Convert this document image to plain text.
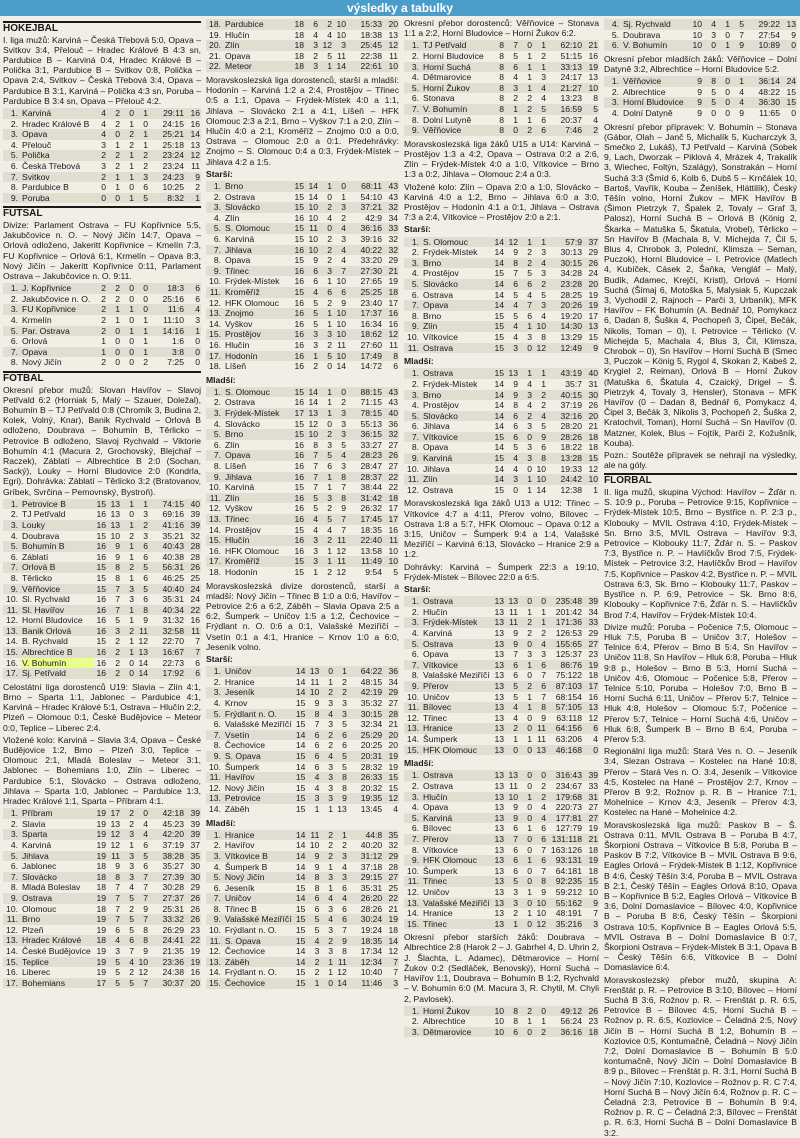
výsledky a tabulky
HOKEJBAL
I. liga mužů: Karviná – Česká Třebová 5:0, Opava – Svitkov 3:4, Přelouč – Hradec Králové B 4:3 sn, Pardubice B – Karviná 0:4, Hradec Králové B – Polička 3:1, Pardubice B – Svitkov 0:8, Polička – Opava 2:4, Svitkov – Česká Třebová 3:4, Opava – Pardubice B 3:1, Karviná – Polička 4:3 sn, Poruba – Pardubice B 3:4 sn, Opava – Přelouč 4:2.
1.	Karviná	4	2	0	1	29:11	16
2.	Hradec Králové B	4	2	1	0	24:15	16
3.	Opava	4	0	2	1	25:21	14
4.	Přelouč	3	1	2	1	25:18	13
5.	Polička	2	2	1	2	23:24	12
6.	Česká Třebová	3	2	1	2	23:24	11
7.	Svitkov	2	1	1	3	24:23	9
8.	Pardubice B	0	1	0	6	10:25	2
9.	Poruba	0	0	1	5	8:32	1
FUTSAL
Divize: Parlament Ostrava – FU Kopřivnice 5:5, Jakubčovice n. O. – Nový Jičín 14:7, Opava – Orlová odloženo, Jakeritt Kopřivnice – Kmelín 7:3, FU Kopřivnice – Orlová 6:1, Krmelín – Opava 8:3, Nový Jičín – Jakeritt Kopřivnice 0:11, Parlament Ostrava – Jakubčovice n. O. 9:11.
1.	J. Kopřivnice	2	2	0	0	18:3	6
2.	Jakubčovice n. O.	2	2	0	0	25:16	6
3.	FU Kopřivnice	2	1	1	0	11:6	4
4.	Krmelín	2	1	0	1	11:10	3
5.	Par. Ostrava	2	0	1	1	14:16	1
6.	Orlová	1	0	0	1	1:6	0
7.	Opava	1	0	0	1	3:8	0
8.	Nový Jičín	2	0	0	2	7:25	0
FOTBAL
Okresní přebor mužů: Slovan Havířov – Slavoj Petřvald 6:2 (Horniak 5, Malý – Szauer, Doležal), Bohumín B – TJ Petřvald 0:8 (Chromík 3, Budina 2, Kolek, Volný, Knar), Banik Rychvald – Orlová B odloženo, Doubrava – Bohumín B, Těrlicko – Petrovice B odloženo, Slavoj Rychvald – Viktorie Bohumín 4:1 (Macura 2, Grochovský, Blejchař – Raczek), Záblatí – Albrechtice B 2:0 (Sochan, Sacký), Louky – Horní Bludovice 2:0 (Kondrla, Egri). Dohrávka: Záblatí – Těrlicko 3:2 (Bratovanov, Gríbek, Svrčina – Pemovnský, Bystroň).
1.	Petrovice B	15	13	1	1	74:15	40
2.	TJ Petřvald	16	13	0	3	69:16	39
3.	Louky	16	13	1	2	41:16	39
4.	Doubrava	15	10	2	3	35:21	32
5.	Bohumín B	16	9	1	6	40:43	28
6.	Záblatí	16	9	1	6	40:38	28
7.	Orlová B	15	8	2	5	56:31	26
8.	Těrlicko	15	8	1	6	46:25	25
9.	Věřňovice	15	7	3	5	40:40	24
10.	Sl. Rychvald	16	7	3	6	35:31	24
11.	Sl. Havířov	16	7	1	8	40:34	22
12.	Horní Bludovice	16	5	1	9	31:32	16
13.	Banik Orlová	16	3	2	11	32:58	11
14.	B. Rychvald	15	2	1	12	22:70	7
15.	Albrechtice B	16	2	1	13	16:67	7
16.	V. Bohumín	16	2	0	14	22:73	6
17.	Sj. Petřvald	16	2	0	14	17:92	6
Celostátní liga dorostenců U19: Slavia – Zlín 4:1, Brno – Sparta 1:1, Jablonec – Pardubice 4:1, Karviná – Hradec Králové 5:1, Ostrava – Hlučín 2:2, Plzeň – Olomouc 0:1, České Budějovice – Meteor 0:0, Teplice – Liberec 2:4.
Vložené kolo: Karviná – Slavia 3:4, Opava – České Budějovice 1:2, Brno – Plzeň 3:0, Teplice – Olomouc 2:1, Mladá Boleslav – Meteor 3:1, Jablonec – Bohemians 1:0, Zlín – Liberec – Pardubice 5:1, Slovácko – Ostrava odloženo, Jihlava – Sparta 1:0, Jablonec – Pardubice 1:3, Hradec Králové 1:1, Sparta – Příbram 4:1.
1.	Příbram	19	17	2	0	42:18	39
2.	Slavia	19	13	2	4	45:23	39
3.	Sparta	19	12	3	4	42:20	39
4.	Karviná	19	12	1	6	37:19	37
5.	Jihlava	19	11	3	5	38:28	35
6.	Jablonec	18	9	3	6	35:27	30
7.	Slovácko	18	8	3	7	27:39	30
8.	Mladá Boleslav	18	7	4	7	30:28	29
9.	Ostrava	19	7	5	7	27:37	26
10.	Olomouc	18	7	2	9	25:31	26
11.	Brno	19	7	5	7	33:32	26
12.	Plzeň	19	6	5	8	26:29	23
13.	Hradec Králové	18	4	6	8	24:41	22
14.	České Budějovice	19	3	7	9	21:35	19
15.	Teplice	19	5	4	10	23:36	19
16.	Liberec	19	5	2	12	24:38	16
17.	Bohemians	17	5	5	7	30:37	20
18.	Pardubice	18	6	2	10	15:33	20
19.	Hlučín	18	4	4	10	18:38	13
20.	Zlín	18	3	12	3	25:45	12
21.	Opava	18	2	5	11	22:38	11
22.	Meteor	18	3	1	14	22:61	10
Moravskoslezská liga dorostenců, starší a mladší: Hodonín – Karviná 1:2 a 2:4, Prostějov – Třinec 0:5 a 1:1, Opava – Frýdek-Místek 4:0 a 1:1, Jihlava – Slovácko 2:1 a 4:1, Líšeň – HFK Olomouc 2:3 a 2:1, Brno – Vyškov 7:1 a 2:0, Zlín – Hlučín 4:0 a 2:1, Kroměříž – Znojmo 0:0 a 0:0, Ostrava – Olomouc 2:0 a 0:1. Předehrávky: Znojmo – S. Olomouc 0:4 a 0:3, Frýdek-Místek – Jihlava 4:2 a 1:5.
Starší:
1.	Brno	15	14	1	0	68:11	43
2.	Ostrava	15	14	0	1	54:10	43
3.	Slovácko	15	10	2	3	37:21	32
4.	Zlín	16	10	4	2	42:9	34
5.	S. Olomouc	15	11	0	4	36:16	33
6.	Karviná	15	10	2	3	39:16	32
7.	Jihlava	16	10	2	4	40:22	32
8.	Opava	15	9	2	4	33:20	29
9.	Třinec	16	6	3	7	27:30	21
10.	Frýdek-Místek	16	6	1	10	27:65	19
11.	Kroměříž	15	4	6	6	25:25	18
12.	HFK Olomouc	16	5	2	9	23:40	17
13.	Znojmo	16	5	1	10	17:37	16
14.	Vyškov	16	5	1	10	16:34	16
15.	Prostějov	16	3	3	10	18:62	12
16.	Hlučín	16	3	2	11	27:60	11
17.	Hodonín	16	1	5	10	17:49	8
18.	Líšeň	16	2	0	14	14:72	6
Mladší:
1.	S. Olomouc	15	14	1	0	88:15	43
2.	Ostrava	16	14	1	2	71:15	43
3.	Frýdek-Místek	17	13	1	3	78:15	40
4.	Slovácko	15	12	0	3	55:13	36
5.	Brno	15	10	2	3	36:15	32
6.	Zlín	16	8	3	5	33:27	27
7.	Opava	16	7	5	4	28:23	26
8.	Líšeň	16	7	6	3	28:47	27
9.	Jihlava	16	7	1	8	28:37	22
10.	Karviná	15	7	1	7	38:44	22
11.	Zlín	16	5	3	8	31:42	18
12.	Vyškov	16	5	2	9	26:32	17
13.	Třinec	16	4	5	7	17:45	17
14.	Prostějov	15	4	4	7	18:35	16
15.	Hlučín	16	3	2	11	22:40	11
16.	HFK Olomouc	16	3	1	12	13:58	10
17.	Kroměříž	15	3	1	11	11:49	10
18.	Hodonín	15	1	2	12	9:54	5
Moravskoslezská divize dorostenců, starší a mladší: Nový Jičín – Třinec B 1:0 a 0:6, Havířov – Petrovice 2:6 a 6:2, Záběh – Slavia Opava 2:5 a 6:2, Šumperk – Uničov 1:5 a 1:2, Čechovice – Frýdlant n. O. 0:6 a 0:1, Valašské Meziříčí – Vsetín 0:1 a 4:1, Hranice – Krnov 1:0 a 6:0, Jeseník volno.
Starší:
1.	Uničov	14	13	0	1	64:22	36
2.	Hranice	14	11	1	2	48:15	34
3.	Jeseník	14	10	2	2	42:19	29
4.	Krnov	15	9	3	3	35:32	27
5.	Frýdlant n. O.	15	8	4	3	30:15	28
6.	Valašské Meziříčí	15	7	3	5	32:34	21
7.	Vsetín	14	6	2	6	25:29	20
8.	Čechovice	14	6	2	6	20:25	20
9.	S. Opava	15	6	4	5	20:31	19
10.	Šumperk	14	6	3	5	28:32	19
11.	Havířov	15	4	3	8	26:33	15
12.	Nový Jičín	15	4	3	8	20:32	15
13.	Petrovice	15	3	3	9	19:35	12
14.	Záběh	15	1	1	13	13:45	4
Mladší:
1.	Hranice	14	11	2	1	44:8	35
2.	Havířov	14	10	2	2	40:20	32
3.	Vítkovice B	14	9	2	3	31:12	29
4.	Šumperk B	14	9	1	4	37:18	28
5.	Nový Jičín	14	8	3	3	29:15	27
6.	Jeseník	15	8	1	6	35:31	25
7.	Uničov	14	6	4	4	26:20	22
8.	Třinec B	15	6	3	6	28:26	21
9.	Valašské Meziříčí	15	5	4	6	30:24	19
10.	Frýdlant n. O.	15	5	3	7	19:24	18
11.	S. Opava	15	4	2	9	18:35	14
12.	Čechovice	14	3	3	8	17:34	12
13.	Záběh	14	2	1	11	12:34	7
14.	Frýdlant n. O.	15	2	1	12	10:40	7
15.	Čechovice	15	1	0	14	11:46	3
Okresní přebor dorostenců: Věřňovice – Stonava 1:1 a 2:2, Horní Bludovice – Horní Žukov 6:2.
1.	TJ Petřvald	8	7	0	1	62:10	21
2.	Horní Bludovice	8	5	1	2	51:15	16
3.	Horní Suchá	8	6	1	1	33:13	19
4.	Dětmarovice	8	4	1	3	24:17	13
5.	Horní Žukov	8	3	1	4	21:27	10
6.	Stonava	8	2	2	4	13:23	8
7.	V. Bohumín	8	1	2	5	16:59	5
8.	Dolní Lutyně	8	1	1	6	20:37	4
9.	Věřňovice	8	0	2	6	7:46	2
Moravskoslezská liga žáků U15 a U14: Karviná – Prostějov 1:3 a 4:2, Opava – Ostrava 0:2 a 2:6, Zlín – Frýdek-Místek 4:0 a 1:0, Vítkovice – Brno 1:3 a 0:2, Jihlava – Olomouc 2:4 a 0:3.
Vložené kolo: Zlín – Opava 2:0 a 1:0, Slovácko – Karviná 4:0 a 1:2, Brno – Jihlava 6:0 a 3:0, Prostějov – Hodonín 4:1 a 0:1, Jihlava – Ostrava 7:3 a 2:4, Vítkovice – Prostějov 2:0 a 2:1.
Starší:
1.	S. Olomouc	14	12	1	1	57:9	37
2.	Frýdek-Místek	14	9	2	3	30:13	29
3.	Brno	14	8	2	4	30:15	26
4.	Prostějov	15	7	5	3	34:28	24
5.	Slovácko	14	6	6	2	23:28	20
6.	Ostrava	14	5	4	5	28:25	19
7.	Opava	14	4	7	3	20:26	19
8.	Brno	15	5	6	4	19:20	17
9.	Zlín	15	4	1	10	14:30	13
10.	Vítkovice	15	4	3	8	13:29	15
11.	Ostrava	15	3	0	12	12:49	9
Mladší:
1.	Ostrava	15	13	1	1	43:19	40
2.	Frýdek-Místek	14	9	4	1	35:7	31
3.	Brno	14	9	3	2	40:15	30
4.	Prostějov	14	8	4	2	37:19	26
5.	Slovácko	14	6	2	4	32:16	20
6.	Jihlava	14	6	3	5	28:20	21
7.	Vítkovice	15	6	0	9	28:26	18
8.	Opava	14	5	3	6	18:22	18
9.	Karviná	15	4	3	8	13:28	15
10.	Jihlava	14	4	0	10	19:33	12
11.	Zlín	14	3	1	10	24:42	10
12.	Ostrava	15	0	1	14	12:38	1
Moravskoslezská liga žáků U13 a U12: Třinec – Vítkovice 4:7 a 4:11, Přerov volno, Bílovec – Ostrava 1:8 a 5:7, HFK Olomouc – Opava 0:12 a 3:15, Uničov – Šumperk 9:4 a 1:4, Valašské Meziříčí – Karviná 6:13, Slovácko – Hranice 2:9 a 1:2.
Dohrávky: Karviná – Šumperk 22:3 a 19:10, Frýdek-Místek – Bílovec 22:0 a 6:5.
Starší:
1.	Ostrava	13	13	0	0	235:48	39
2.	Hlučín	13	11	1	1	201:42	34
3.	Frýdek-Místek	13	11	2	1	171:36	33
4.	Karviná	13	9	2	2	126:53	29
5.	Ostrava	13	9	0	4	155:65	27
6.	Opava	13	7	3	3	125:37	23
7.	Vítkovice	13	6	1	6	86:76	19
8.	Valašské Meziříčí	13	6	0	7	75:122	18
9.	Přerov	13	5	2	6	87:103	17
10.	Uničov	13	5	1	7	68:154	16
11.	Bílovec	13	4	1	8	57:105	13
12.	Třinec	13	4	0	9	63:118	12
13.	Hranice	13	2	0	11	64:156	6
14.	Šumperk	13	1	1	11	63:206	4
15.	HFK Olomouc	13	0	0	13	46:168	0
Mladší:
1.	Ostrava	13	13	0	0	316:43	39
2.	Ostrava	13	11	0	2	234:67	33
3.	Hlučín	13	10	1	2	179:68	31
4.	Opava	13	9	0	4	220:73	27
5.	Karviná	13	9	0	4	177:81	27
6.	Bílovec	13	6	1	6	127:79	19
7.	Přerov	13	7	0	6	131:118	21
8.	Vítkovice	13	6	0	7	163:126	18
9.	HFK Olomouc	13	6	1	6	93:131	19
10.	Šumperk	13	6	0	7	64:181	18
11.	Třinec	13	5	0	8	92:235	15
12.	Uničov	13	3	1	9	59:212	10
13.	Valašské Meziříčí	13	3	0	10	55:162	9
14.	Hranice	13	2	1	10	48:191	7
15.	Třinec	13	1	0	12	35:216	3
Okresní přebor starších žáků: Doubrava – Albrechtice 2:8 (Harok 2 – J. Gabrhel 4, D. Uhrin 2, J. Šlachta, L. Adamec), Dětmarovice – Horní Žukov 0:2 (Sedláček, Benovský), Horní Suchá – Havířov 1:1, Doubrava – Bohumín B 1:2, Rychvald – V. Bohumín 6:0 (M. Macura 3, R. Chytil, M. Chyli 2, Pavlosek).
1.	Horní Žukov	10	8	2	0	49:12	26
2.	Albrechtice	10	8	1	1	56:24	23
3.	Dětmarovice	10	6	0	2	36:16	18
4.	Sj. Rychvald	10	4	1	5	29:22	13
5.	Doubrava	10	3	0	7	27:54	9
6.	V. Bohumín	10	0	1	9	10:89	0
Okresní přebor mladších žáků: Věřňovice – Dolní Datyně 3:2, Albrechtice – Horní Bludovice 5:2.
1.	Věřňovice	9	8	0	1	36:14	24
2.	Albrechtice	9	5	0	4	48:22	15
3.	Horní Bludovice	9	5	0	4	36:30	15
4.	Dolní Datyně	9	0	0	9	11:65	0
Okresní přebor přípravek: V. Bohumín – Stonava (Gábor, Olah – Janč 5, Michalík 5, Kucharczyk 3, Smečko 2, Lukáš), TJ Petřvald – Karviná (Sobek 9, Lach, Dworzak – Piklová 4, Mrázek 4, Trakalík 3, Wiechec, Foltýn, Szalágy), Sonstrakán – Horní Suchá 3:3 (Šmíd 6, Kolb 6, Dubš 5 – Krnčálek 10, Bartoš, Vavřík, Kouba – Ženíšek, Hláttilík), Český Těšín volno, Horní Žukov – MFK Havířov B (Šimon Pietrzyk 7, Špalek 2, Tovaly – Graf 3, Palosz), Horní Suchá B – Orlová B (König 2, Škarka – Matuška 5, Škatula, Vrobel), Těrlicko – Sn Havířov B (Machala 8, V. Michejda 7, Čil 5, Blus 4, Chrobok 3, Polední, Klimsza – Seman, Puczok), Horní Bludovice – I. Petrovice (Matlech 4, Kubíček, Cásek 2, Šaňka, Vengláf – Malý, Budík, Adamec, Krejčí, Kristl), Orlová – Horní Suchá (Šímaj 6, Motoška 5, Malysiak 5, Kupczak 3, Vychodil 2, Rajnoch – Parči 3, Urbaník), MFK Havířov – FK Bohumín (A. Bednář 10, Pomykacz 6, Dadan 8, Šuška 4, Pochopeň 3, Čipel, Bečák, Nikolis, Toman – 0), I. Petrovice – Těrlicko (V. Michejda 5, Machala 4, Blus 3, Čil, Klimsza, Chrobok – 0), Sn Havířov – Horní Suchá B (Smec 3, Puczok – König 5, Rygol 4, Skokan 2, Kabeš 2, Krygiel 2, Reiman), Orlová B – Horní Žukov (Matuška 6, Škatula 4, Czaický, Drigel – Š. Pietrzyk 4, Tovaly 3, Hensler), Stonava – MFK Havířov (0 – Dadan 8, Bednář 6, Pomykacz 4, Čipel 3, Bečák 3, Nikolis 3, Pochopeň 2, Šuška 2, Kratochvil, Toman), Horní Suchá – Sn Havířov (0. Matzner, Kolek, Blus – Fojtík, Parči 2, Kožušník, Kouba).
Pozn.: Soutěže přípravek se nehrají na výsledky, ale na góly.
FLORBAL
II. liga mužů, skupina Východ: Havířov – Žďár n. S. 10:9 p., Poruba – Petrovice 9:15, Kopřivnice – Frýdek-Místek 10:5, Brno – Bystřice n. P. 2:3 p., Klobouky – MVIL Ostrava 4:10, Frýdek-Místek – Sn. Brno 3:5, MVIL Ostrava – Havířov 9:3, Petrovice – Klobouky 11:7, Žďár n. S. – Paskov 7:3, Bystřice n. P. – Havlíčkův Brod 7:5, Frýdek-Místek – Petrovice 3:2, Havlíčkův Brod – Havířov 7:5, Kopřivnice – Paskov 4:2, Bystřice n. P. – MVIL Ostrava 6:3, Sk. Brno – Klobouky 11:7, Paskov – Bystřice n. P. 6:9, Petrovice – Sk. Brno 8:6, Klobouky – Kopřivnice 7:6, Žďár n. S. – Havlíčkův Brod 7:4, Havířov – Frýdek-Místek 10:4.
Divize mužů: Poruba – Počenice 7:5, Olomouc – Hluk 7:5, Poruba B – Uničov 3:7, Holešov – Telnice 6:4, Přerov – Brno B 5:4, Sn Havířov – Uničov 11:8, Sn Havířov – Hluk 6:8, Poruba – Hluk 9:8 p., Holešov – Brno B 5:3, Horní Suchá – Uničov 4:6, Olomouc – Počenice 5:8, Přerov – Telnice 5:10, Poruba – Holešov 7:0, Brno B – Horní Suchá 6:11, Uničov – Přerov 5:7, Telnice – Hluk 4:8, Holešov – Olomouc 5:7, Počenice – Přerov 5:7, Telnice – Horní Suchá 4:6, Uničov – Hluk 6:8, Šumperk B – Brno B 6:4, Poruba – Přerov 5:3.
Regionální liga mužů: Stará Ves n. O. – Jeseník 3:4, Slezan Ostrava – Kostelec na Hané 10:8, Přerov – Stará Ves n. O. 3:4, Jeseník – Vítkovice 4:5, Kostelec na Hané – Prostějov 2:7, Krnov – Přerov B 9:2, Rožnov p. R. B – Hranice 7:1, Mohelnice – Krnov 4:3, Jeseník – Přerov 4:3, Kostelec na Hané – Mohelnice 4:2.
Moravskoslezská liga mužů: Paskov B – Š. Ostrava 0:11, MVIL Ostrava B – Poruba B 4:7, Škorpioni Ostrava – Vítkovice B 5:8, Poruba B – Paskov B 7:2, Vítkovice B – MVIL Ostrava B 9:6, Eagles Orlová – Frýdek-Místek B 1:12, Kopřivnice B 4:6, Český Těšín 3:4, Poruba B – MVIL Ostrava B 2:1, Český Těšín – Eagles Orlová 8:10, Opava B – Kopřivnice B 5:2, Eagles Orlová – Vítkovice B 3:6, Dolní Domaslavice – Bílovec 4:0, Kopřivnice B – Poruba B 8:6, Český Těšín – Škorpioni Ostrava 10:5, Kopřivnice B – Eagles Orlová 5:5, MVIL Ostrava B – Dolní Domaslavice B 0:7, Škorpioni Ostrava – Frýdek-Místek B 3:1, Opava B – Český Těšín 6:6, Vítkovice B – Dolní Domaslavice 6:4.
Moravskoslezský přebor mužů, skupina A: Frenštát p. R. – Petrovice B 3:10, Bílovec – Horní Suchá B 3:6, Rožnov p. R. – Frenštát p. R. 6:5, Petrovice B – Bílovec 4:5, Horní Suchá B – Rožnov p. R. 6:5, Kozlovice – Čeladná 2:5, Nový Jičín B – Horní Suchá B 1:2, Bohumín B – Kozlovice 0:5, Kontumačně, Čeladná – Nový Jičín 7:2, Dolní Domaslavice B – Bohumín B 5:0 kontumačně, Nový Jičín – Dolní Domaslavice B 8:9 p., Bílovec – Frenštát p. R. 3:1, Horní Suchá B – Nový Jičín 7:10, Kozlovice – Rožnov p. R. C 7:4, Horní Suchá B – Nový Jičín 6:4, Rožnov p. R. C – Čeladná 2:3, Petrovice B – Bohumín B 9:4, Rožnov p. R. C – Čeladná 2:3, Bílovec – Frenštát p. R. 6:3, Horní Suchá B – Dolní Domaslavice B 3:2.
